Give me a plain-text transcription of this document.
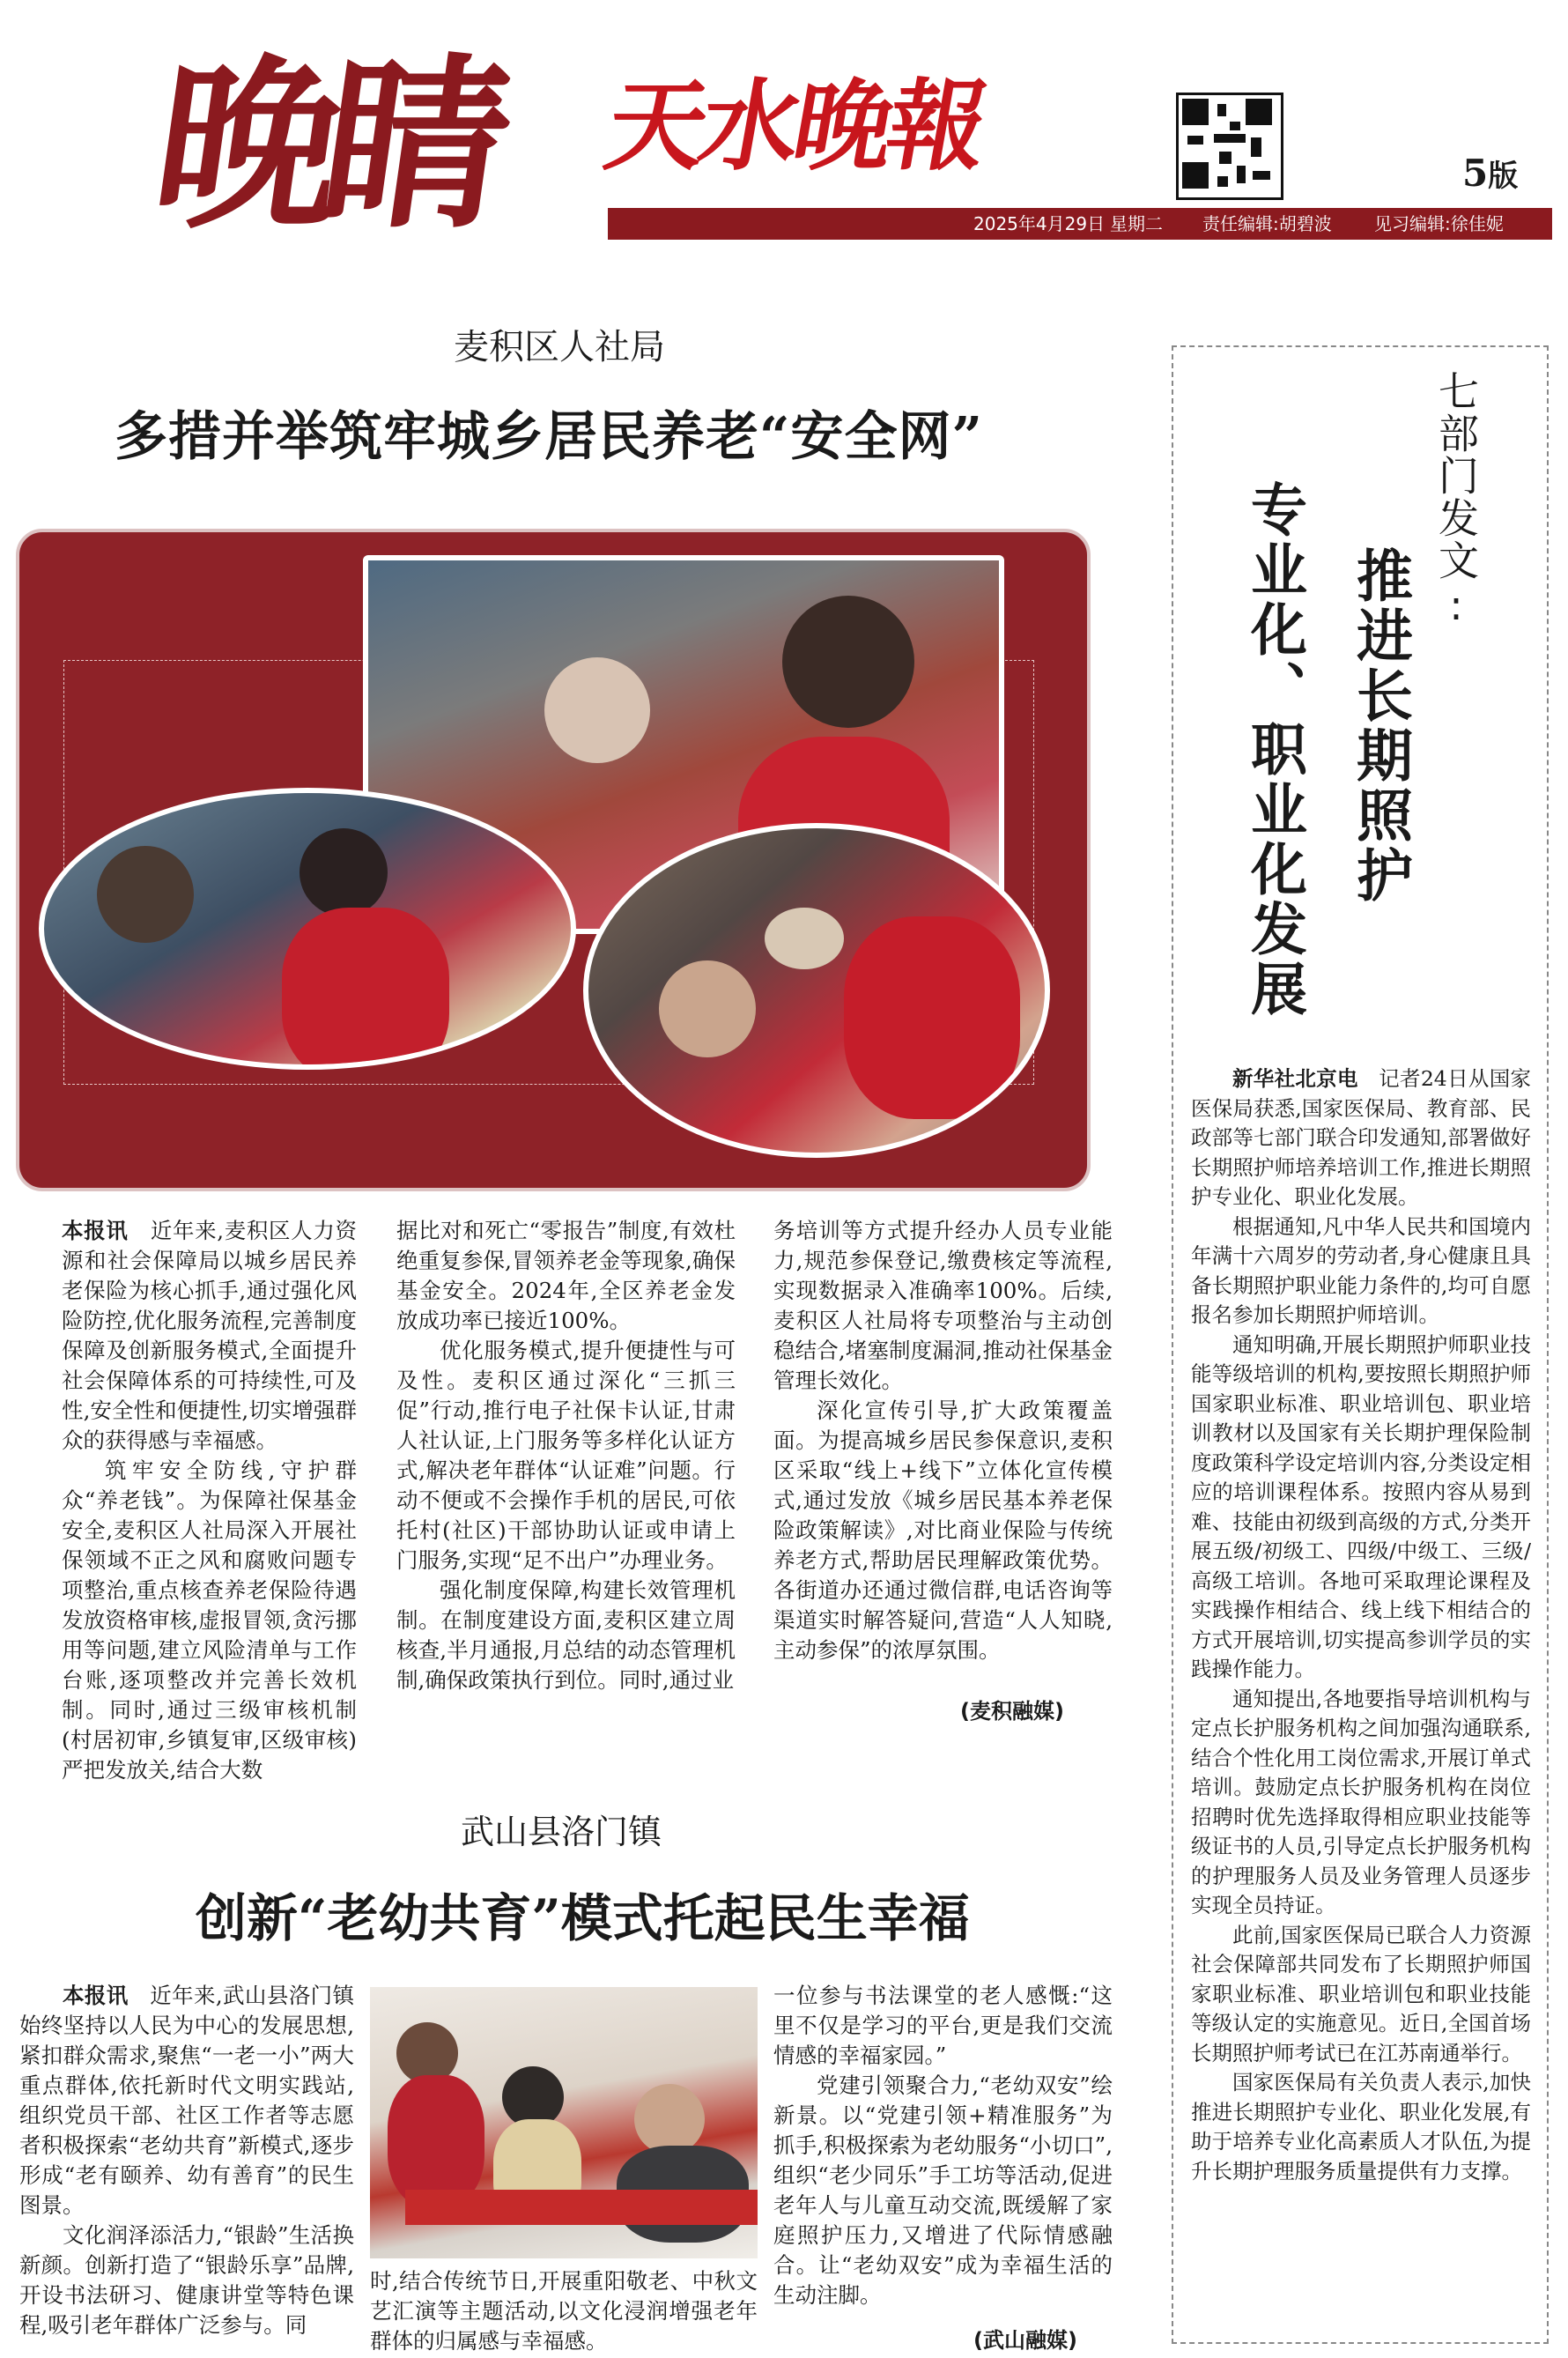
晚睛 天水晚報	5版
2025年4月29日 星期二 责任编辑:胡碧波 见习编辑:徐佳妮
麦积区人社局
多措并举筑牢城乡居民养老“安全网”

本报讯 近年来,麦积区人力资源和社会保障局以城乡居民养老保险为核心抓手,通过强化风险防控,优化服务流程,完善制度保障及创新服务模式,全面提升社会保障体系的可持续性,可及性,安全性和便捷性,切实增强群众的获得感与幸福感。

筑牢安全防线,守护群众“养老钱”。为保障社保基金安全,麦积区人社局深入开展社保领域不正之风和腐败问题专项整治,重点核查养老保险待遇发放资格审核,虚报冒领,贪污挪用等问题,建立风险清单与工作台账,逐项整改并完善长效机制。同时,通过三级审核机制(村居初审,乡镇复审,区级审核)严把发放关,结合大数

据比对和死亡“零报告”制度,有效杜绝重复参保,冒领养老金等现象,确保基金安全。2024年,全区养老金发放成功率已接近100%。

优化服务模式,提升便捷性与可及性。麦积区通过深化“三抓三促”行动,推行电子社保卡认证,甘肃人社认证,上门服务等多样化认证方式,解决老年群体“认证难”问题。行动不便或不会操作手机的居民,可依托村(社区)干部协助认证或申请上门服务,实现“足不出户”办理业务。

强化制度保障,构建长效管理机制。在制度建设方面,麦积区建立周核查,半月通报,月总结的动态管理机制,确保政策执行到位。同时,通过业

务培训等方式提升经办人员专业能力,规范参保登记,缴费核定等流程,实现数据录入准确率100%。后续,麦积区人社局将专项整治与主动创稳结合,堵塞制度漏洞,推动社保基金管理长效化。

深化宣传引导,扩大政策覆盖面。为提高城乡居民参保意识,麦积区采取“线上+线下”立体化宣传模式,通过发放《城乡居民基本养老保险政策解读》,对比商业保险与传统养老方式,帮助居民理解政策优势。各街道办还通过微信群,电话咨询等渠道实时解答疑问,营造“人人知晓,主动参保”的浓厚氛围。

(麦积融媒)
武山县洛门镇
创新“老幼共育”模式托起民生幸福

本报讯 近年来,武山县洛门镇始终坚持以人民为中心的发展思想,紧扣群众需求,聚焦“一老一小”两大重点群体,依托新时代文明实践站,组织党员干部、社区工作者等志愿者积极探索“老幼共育”新模式,逐步形成“老有颐养、幼有善育”的民生图景。

文化润泽添活力,“银龄”生活换新颜。创新打造了“银龄乐享”品牌,开设书法研习、健康讲堂等特色课程,吸引老年群体广泛参与。同

时,结合传统节日,开展重阳敬老、中秋文艺汇演等主题活动,以文化浸润增强老年群体的归属感与幸福感。

一位参与书法课堂的老人感慨:“这里不仅是学习的平台,更是我们交流情感的幸福家园。”

党建引领聚合力,“老幼双安”绘新景。以“党建引领+精准服务”为抓手,积极探索为老幼服务“小切口”,组织“老少同乐”手工坊等活动,促进老年人与儿童互动交流,既缓解了家庭照护压力,又增进了代际情感融合。让“老幼双安”成为幸福生活的生动注脚。

(武山融媒)
七部门发文:
推进长期照护
专业化、职业化发展

新华社北京电 记者24日从国家医保局获悉,国家医保局、教育部、民政部等七部门联合印发通知,部署做好长期照护师培养培训工作,推进长期照护专业化、职业化发展。

根据通知,凡中华人民共和国境内年满十六周岁的劳动者,身心健康且具备长期照护职业能力条件的,均可自愿报名参加长期照护师培训。

通知明确,开展长期照护师职业技能等级培训的机构,要按照长期照护师国家职业标准、职业培训包、职业培训教材以及国家有关长期护理保险制度政策科学设定培训内容,分类设定相应的培训课程体系。按照内容从易到难、技能由初级到高级的方式,分类开展五级/初级工、四级/中级工、三级/高级工培训。各地可采取理论课程及实践操作相结合、线上线下相结合的方式开展培训,切实提高参训学员的实践操作能力。

通知提出,各地要指导培训机构与定点长护服务机构之间加强沟通联系,结合个性化用工岗位需求,开展订单式培训。鼓励定点长护服务机构在岗位招聘时优先选择取得相应职业技能等级证书的人员,引导定点长护服务机构的护理服务人员及业务管理人员逐步实现全员持证。

此前,国家医保局已联合人力资源社会保障部共同发布了长期照护师国家职业标准、职业培训包和职业技能等级认定的实施意见。近日,全国首场长期照护师考试已在江苏南通举行。

国家医保局有关负责人表示,加快推进长期照护专业化、职业化发展,有助于培养专业化高素质人才队伍,为提升长期护理服务质量提供有力支撑。
